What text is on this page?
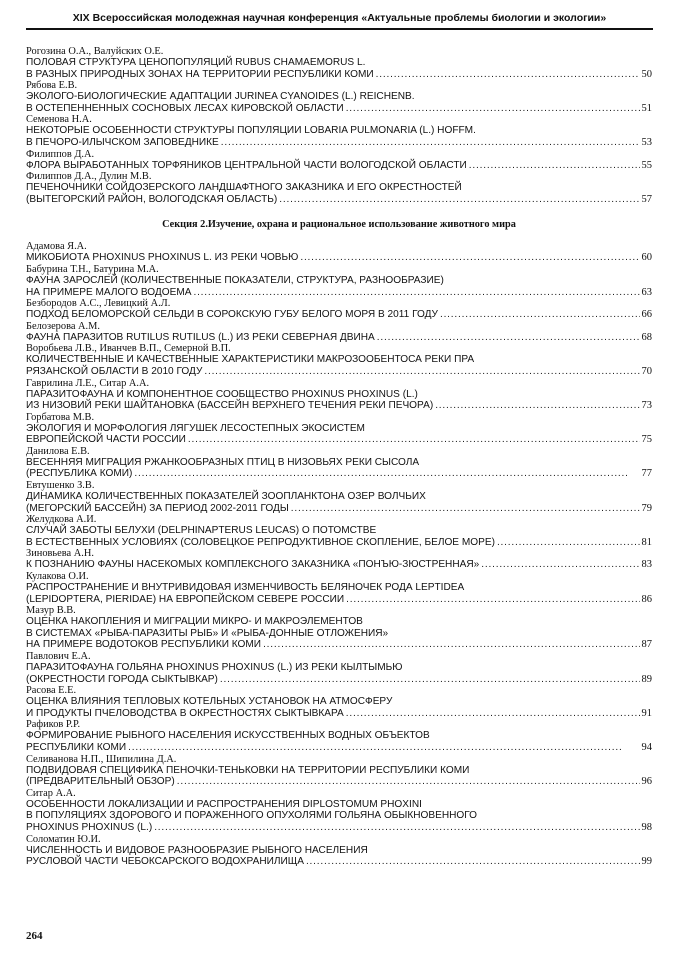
XIX Всероссийская молодежная научная конференция «Актуальные проблемы биологии и экологии»
Рогозина О.А., Валуйских О.Е.
ПОЛОВАЯ СТРУКТУРА ЦЕНОПОПУЛЯЦИЙ RUBUS CHAMAEMORUS L.
В РАЗНЫХ ПРИРОДНЫХ ЗОНАХ НА ТЕРРИТОРИИ РЕСПУБЛИКИ КОМИ . . .	50
Рябова Е.В.
ЭКОЛОГО-БИОЛОГИЧЕСКИЕ АДАПТАЦИИ JURINEA CYANOIDES (L.) REICHENB.
В ОСТЕПЕННЕННЫХ СОСНОВЫХ ЛЕСАХ КИРОВСКОЙ ОБЛАСТИ . . .	51
Семенова Н.А.
НЕКОТОРЫЕ ОСОБЕННОСТИ СТРУКТУРЫ ПОПУЛЯЦИИ LOBARIA PULMONARIA (L.) HOFFM.
В ПЕЧОРО-ИЛЫЧСКОМ ЗАПОВЕДНИКЕ . . .	53
Филиппов Д.А.
ФЛОРА ВЫРАБОТАННЫХ ТОРФЯНИКОВ ЦЕНТРАЛЬНОЙ ЧАСТИ ВОЛОГОДСКОЙ ОБЛАСТИ . . .	55
Филиппов Д.А., Дулин М.В.
ПЕЧЕНОЧНИКИ СОЙДОЗЕРСКОГО ЛАНДШАФТНОГО ЗАКАЗНИКА И ЕГО ОКРЕСТНОСТЕЙ
(ВЫТЕГОРСКИЙ РАЙОН, ВОЛОГОДСКАЯ ОБЛАСТЬ) . . .	57
Секция 2.Изучение, охрана и рациональное использование животного мира
Адамова Я.А.
МИКОБИОТА PHOXINUS PHOXINUS L. ИЗ РЕКИ ЧОВЬЮ . . .	60
Бабурина Т.Н., Батурина М.А.
ФАУНА ЗАРОСЛЕЙ (КОЛИЧЕСТВЕННЫЕ ПОКАЗАТЕЛИ, СТРУКТУРА, РАЗНООБРАЗИЕ)
НА ПРИМЕРЕ МАЛОГО ВОДОЕМА . . .	63
Безбородов А.С., Левицкий А.Л.
ПОДХОД БЕЛОМОРСКОЙ СЕЛЬДИ В СОРОКСКУЮ ГУБУ БЕЛОГО МОРЯ В 2011 ГОДУ . . .	66
Белозерова А.М.
ФАУНА ПАРАЗИТОВ RUTILUS RUTILUS (L.) ИЗ РЕКИ СЕВЕРНАЯ ДВИНА . . .	68
Воробьева Л.В., Иванчев В.П., Семерной В.П.
КОЛИЧЕСТВЕННЫЕ И КАЧЕСТВЕННЫЕ ХАРАКТЕРИСТИКИ МАКРОЗООБЕНТОСА РЕКИ ПРА
РЯЗАНСКОЙ ОБЛАСТИ В 2010 ГОДУ . . .	70
Гаврилина Л.Е., Ситар А.А.
ПАРАЗИТОФАУНА И КОМПОНЕНТНОЕ СООБЩЕСТВО PHOXINUS PHOXINUS (L.)
ИЗ НИЗОВИЙ РЕКИ ШАЙТАНОВКА (БАССЕЙН ВЕРХНЕГО ТЕЧЕНИЯ РЕКИ ПЕЧОРА) . . .	73
Горбатова М.В.
ЭКОЛОГИЯ И МОРФОЛОГИЯ ЛЯГУШЕК ЛЕСОСТЕПНЫХ ЭКОСИСТЕМ
ЕВРОПЕЙСКОЙ ЧАСТИ РОССИИ . . .	75
Данилова Е.В.
ВЕСЕННЯЯ МИГРАЦИЯ РЖАНКООБРАЗНЫХ ПТИЦ В НИЗОВЬЯХ РЕКИ СЫСОЛА
(РЕСПУБЛИКА КОМИ) . . .	77
Евтушенко З.В.
ДИНАМИКА КОЛИЧЕСТВЕННЫХ ПОКАЗАТЕЛЕЙ ЗООПЛАНКТОНА ОЗЕР ВОЛЧЬИХ
(МЕГОРСКИЙ БАССЕЙН) ЗА ПЕРИОД 2002-2011 ГОДЫ . . .	79
Желудкова А.И.
СЛУЧАЙ ЗАБОТЫ БЕЛУХИ (DELPHINAPTERUS LEUCAS) О ПОТОМСТВЕ
В ЕСТЕСТВЕННЫХ УСЛОВИЯХ (СОЛОВЕЦКОЕ РЕПРОДУКТИВНОЕ СКОПЛЕНИЕ, БЕЛОЕ МОРЕ) . . .	81
Зиновьева А.Н.
К ПОЗНАНИЮ ФАУНЫ НАСЕКОМЫХ КОМПЛЕКСНОГО ЗАКАЗНИКА «ПОНЪЮ-ЗЮСТРЕННАЯ» . . .	83
Кулакова О.И.
РАСПРОСТРАНЕНИЕ И ВНУТРИВИДОВАЯ ИЗМЕНЧИВОСТЬ БЕЛЯНОЧЕК РОДА LEPTIDEA
(LEPIDOPTERA, PIERIDAE) НА ЕВРОПЕЙСКОМ СЕВЕРЕ РОССИИ . . .	86
Мазур В.В.
ОЦЕНКА НАКОПЛЕНИЯ И МИГРАЦИИ МИКРО- И МАКРОЭЛЕМЕНТОВ
В СИСТЕМАХ «РЫБА-ПАРАЗИТЫ РЫБ» И «РЫБА-ДОННЫЕ ОТЛОЖЕНИЯ»
НА ПРИМЕРЕ ВОДОТОКОВ РЕСПУБЛИКИ КОМИ . . .	87
Павлович Е.А.
ПАРАЗИТОФАУНА ГОЛЬЯНА PHOXINUS PHOXINUS (L.) ИЗ РЕКИ КЫЛТЫМЬЮ
(ОКРЕСТНОСТИ ГОРОДА СЫКТЫВКАР) . . .	89
Расова Е.Е.
ОЦЕНКА ВЛИЯНИЯ ТЕПЛОВЫХ КОТЕЛЬНЫХ УСТАНОВОК НА АТМОСФЕРУ
И ПРОДУКТЫ ПЧЕЛОВОДСТВА В ОКРЕСТНОСТЯХ СЫКТЫВКАРА . . .	91
Рафиков Р.Р.
ФОРМИРОВАНИЕ РЫБНОГО НАСЕЛЕНИЯ ИСКУССТВЕННЫХ ВОДНЫХ ОБЪЕКТОВ
РЕСПУБЛИКИ КОМИ . . .	94
Селиванова Н.П., Шипилина Д.А.
ПОДВИДОВАЯ СПЕЦИФИКА ПЕНОЧКИ-ТЕНЬКОВКИ НА ТЕРРИТОРИИ РЕСПУБЛИКИ КОМИ
(ПРЕДВАРИТЕЛЬНЫЙ ОБЗОР) . . .	96
Ситар А.А.
ОСОБЕННОСТИ ЛОКАЛИЗАЦИИ И РАСПРОСТРАНЕНИЯ DIPLOSTOMUM PHOXINI
В ПОПУЛЯЦИЯХ ЗДОРОВОГО И ПОРАЖЕННОГО ОПУХОЛЯМИ ГОЛЬЯНА ОБЫКНОВЕННОГО
PHOXINUS PHOXINUS (L.) . . .	98
Соломатин Ю.И.
ЧИСЛЕННОСТЬ И ВИДОВОЕ РАЗНООБРАЗИЕ РЫБНОГО НАСЕЛЕНИЯ
РУСЛОВОЙ ЧАСТИ ЧЕБОКСАРСКОГО ВОДОХРАНИЛИЩА . . .	99
264
